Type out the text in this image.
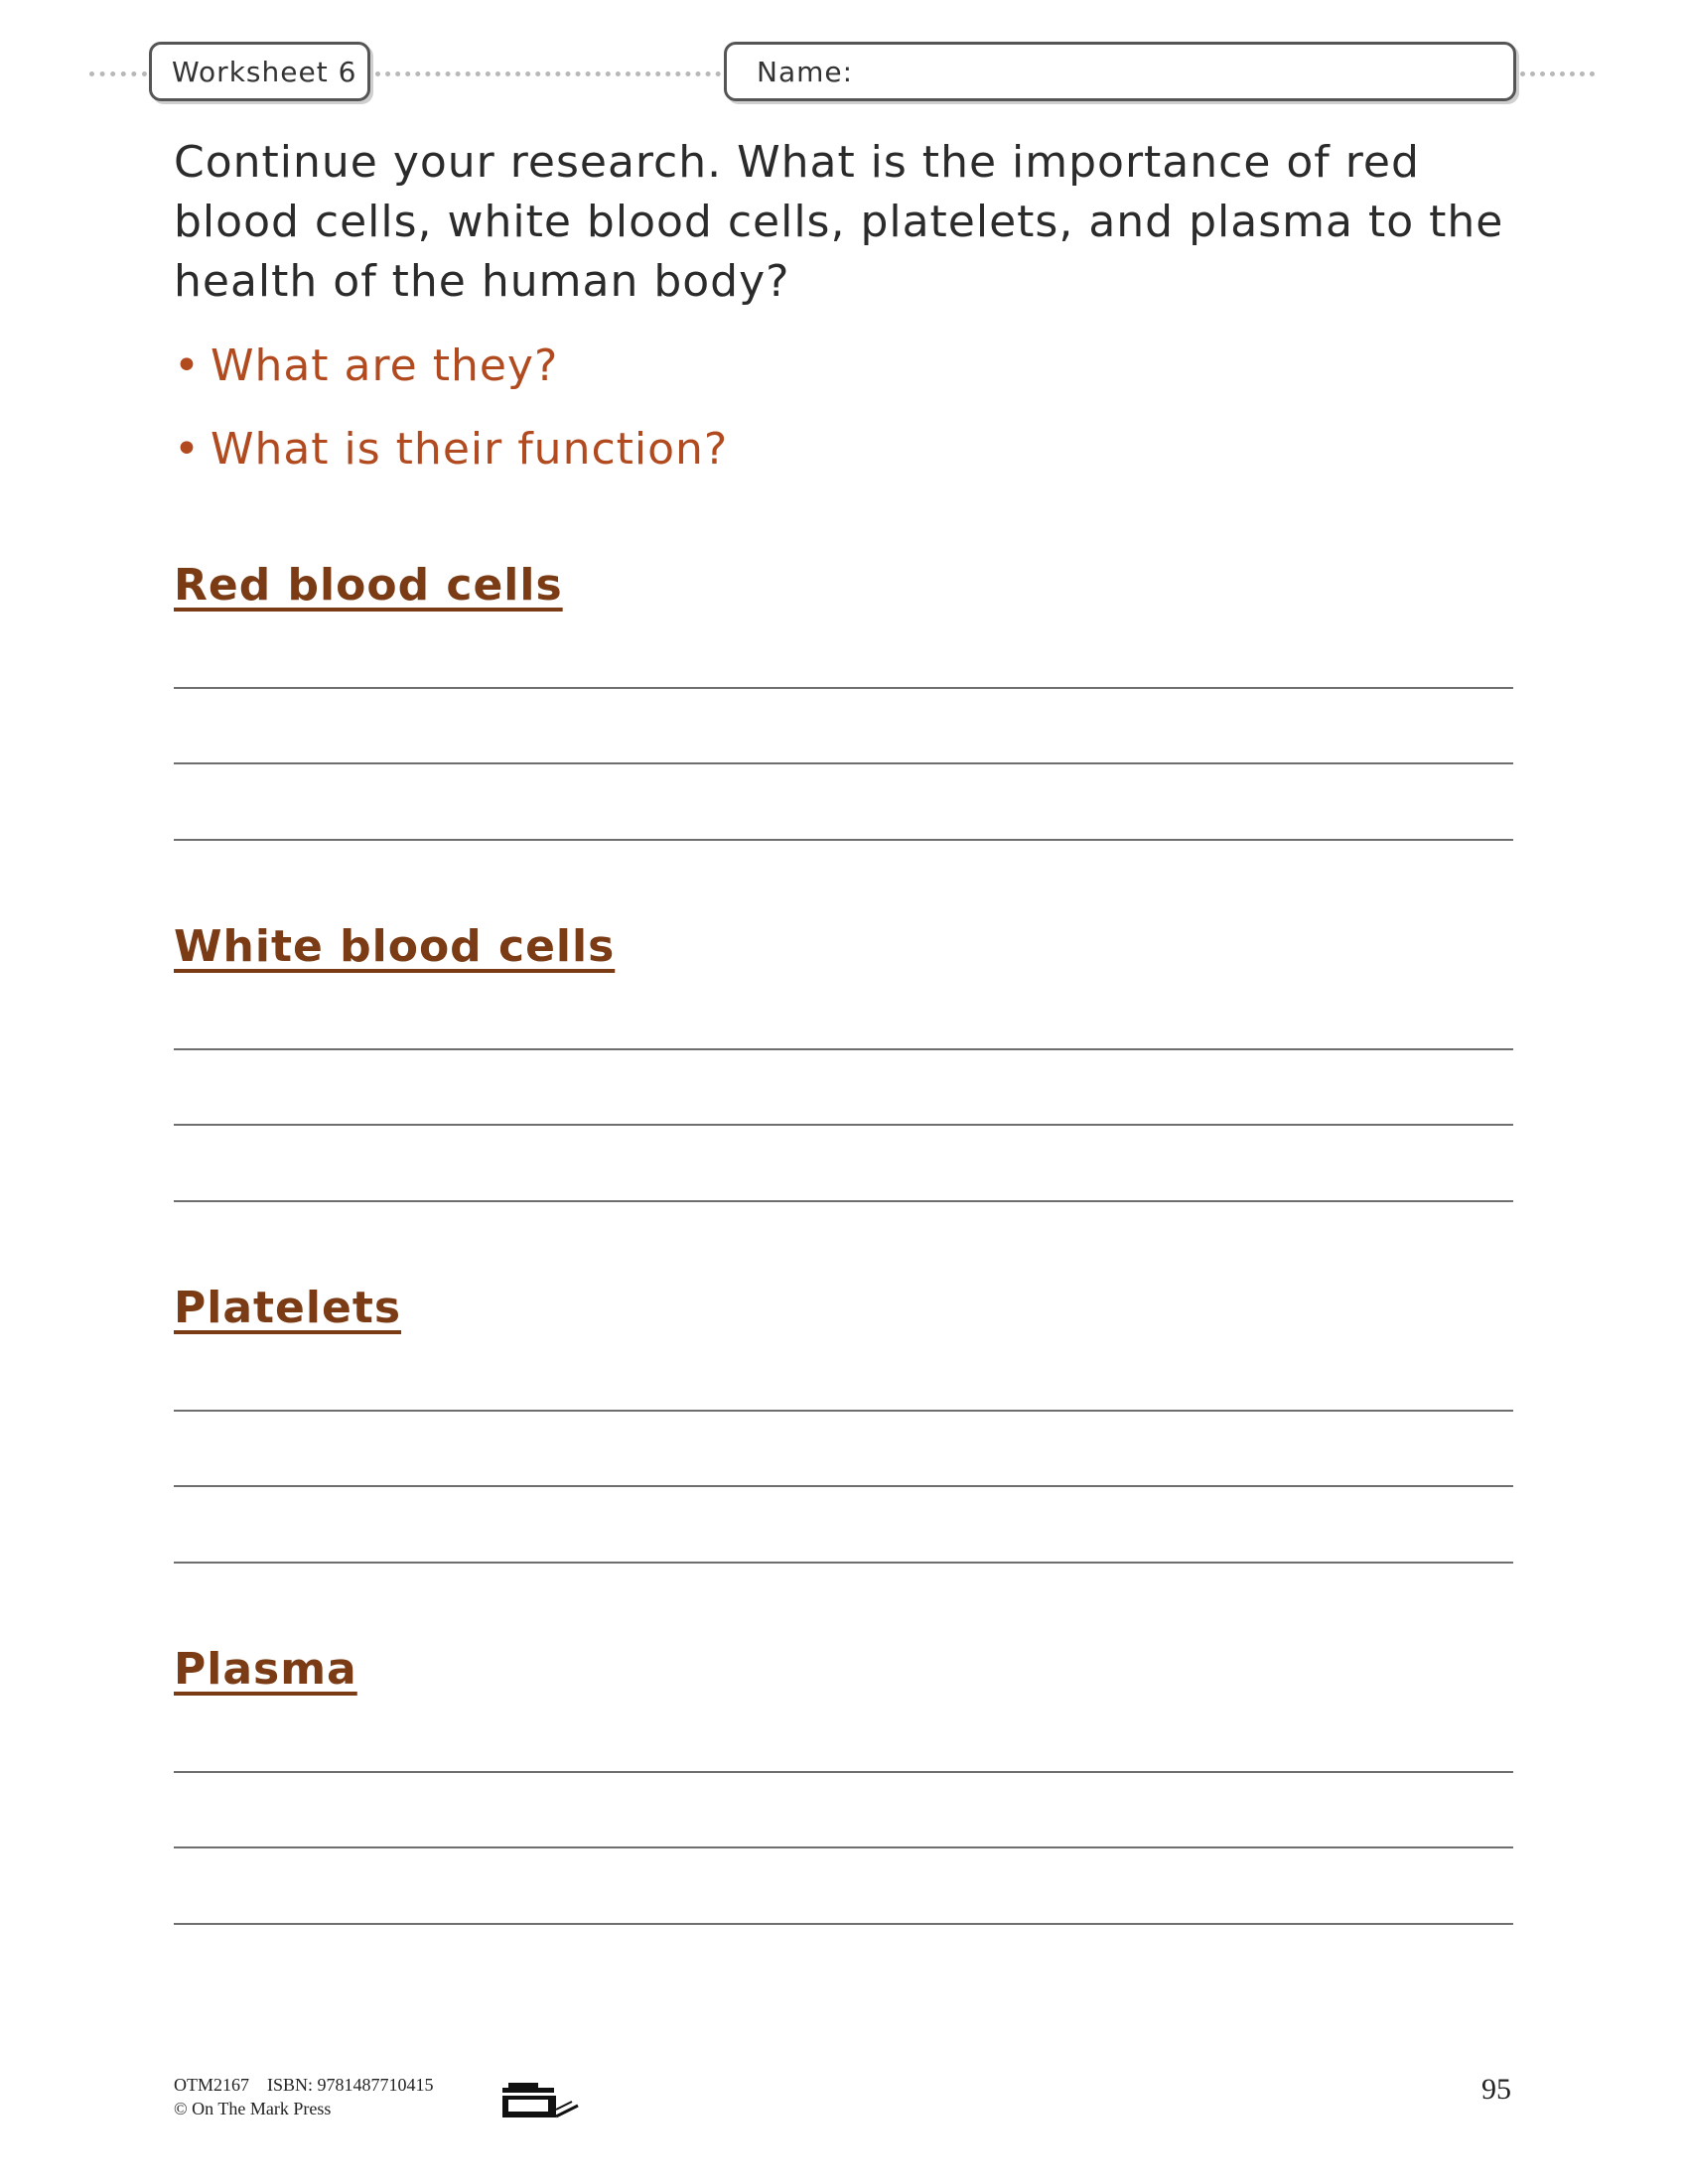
Worksheet 6	Name:

Continue your research. What is the importance of red blood cells, white blood cells, platelets, and plasma to the health of the human body?

• What are they?
• What is their function?
Red blood cells
White blood cells
Platelets
Plasma
OTM2167 ISBN: 9781487710415
© On The Mark Press
95
